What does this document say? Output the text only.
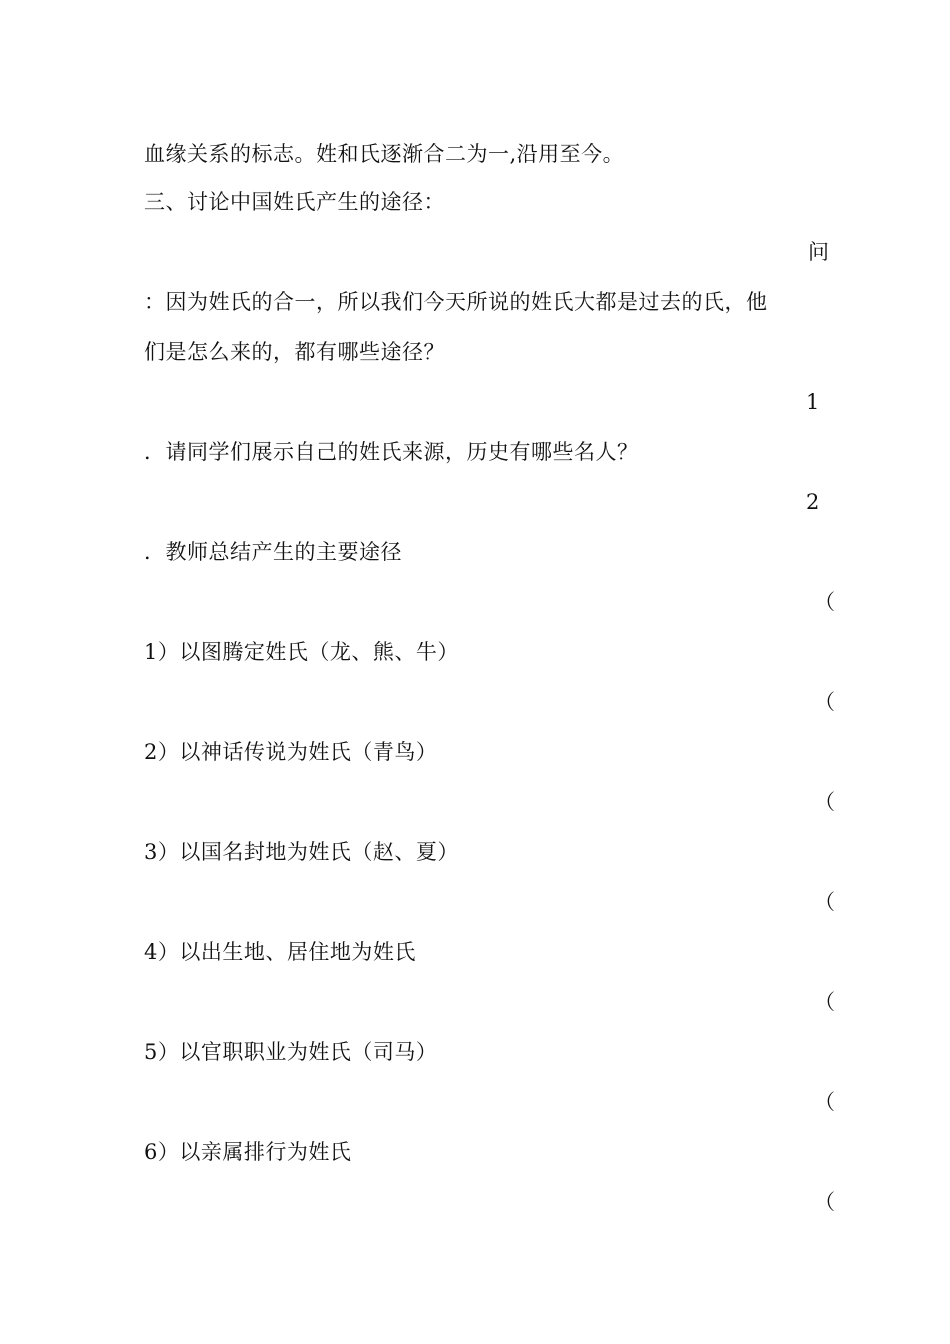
血缘关系的标志。姓和氏逐渐合二为一,沿用至今。
三、讨论中国姓氏产生的途径：
问
：因为姓氏的合一，所以我们今天所说的姓氏大都是过去的氏，他
们是怎么来的，都有哪些途径？
1
．请同学们展示自己的姓氏来源，历史有哪些名人？
2
．教师总结产生的主要途径
（
1）以图腾定姓氏（龙、熊、牛）
（
2）以神话传说为姓氏（青鸟）
（
3）以国名封地为姓氏（赵、夏）
（
4）以出生地、居住地为姓氏
（
5）以官职职业为姓氏（司马）
（
6）以亲属排行为姓氏
（
